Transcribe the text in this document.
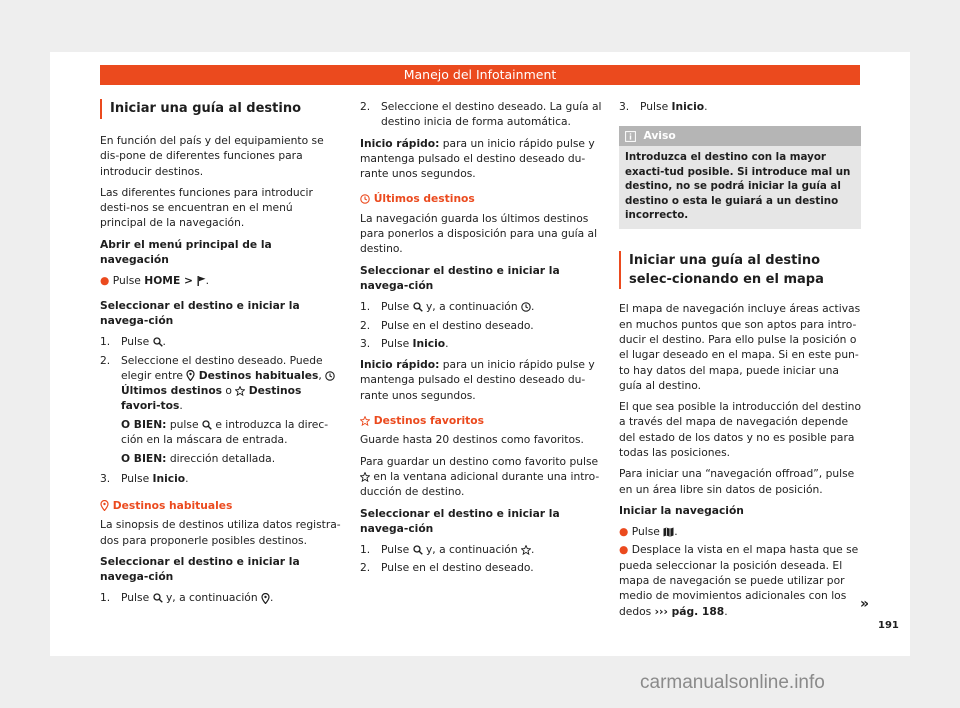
Manejo del Infotainment
Iniciar una guía al destino

En función del país y del equipamiento se dis-pone de diferentes funciones para introducir destinos.

Las diferentes funciones para introducir desti-nos se encuentran en el menú principal de la navegación.

Abrir el menú principal de la navegación

● Pulse HOME >
.

Seleccionar el destino e iniciar la navega-ción

1.	Pulse
.
2.	Seleccione el destino deseado. Puede elegir entre
Destinos habituales,
Últimos destinos o
Destinos favori-tos.

O BIEN: pulse
e introduzca la direc-ción en la máscara de entrada.

O BIEN: dirección detallada.

3.	Pulse Inicio.

Destinos habituales

La sinopsis de destinos utiliza datos registra-dos para proponerle posibles destinos.

Seleccionar el destino e iniciar la navega-ción

1.	Pulse
y, a continuación
.
2.	Seleccione el destino deseado. La guía al destino inicia de forma automática.

Inicio rápido: para un inicio rápido pulse y mantenga pulsado el destino deseado du-rante unos segundos.

Últimos destinos

La navegación guarda los últimos destinos para ponerlos a disposición para una guía al destino.

Seleccionar el destino e iniciar la navega-ción

1.	Pulse
y, a continuación
.
2.	Pulse en el destino deseado.
3.	Pulse Inicio.

Inicio rápido: para un inicio rápido pulse y mantenga pulsado el destino deseado du-rante unos segundos.

Destinos favoritos

Guarde hasta 20 destinos como favoritos.

Para guardar un destino como favorito pulse
en la ventana adicional durante una intro-ducción de destino.

Seleccionar el destino e iniciar la navega-ción

1.	Pulse
y, a continuación
.
2.	Pulse en el destino deseado.
3.	Pulse Inicio.
Aviso
Introduzca el destino con la mayor exacti-tud posible. Si introduce mal un destino, no se podrá iniciar la guía al destino o esta le guiará a un destino incorrecto.
Iniciar una guía al destino selec-cionando en el mapa

El mapa de navegación incluye áreas activas en muchos puntos que son aptos para intro-ducir el destino. Para ello pulse la posición o el lugar deseado en el mapa. Si en este pun-to hay datos del mapa, puede iniciar una guía al destino.

El que sea posible la introducción del destino a través del mapa de navegación depende del estado de los datos y no es posible para todas las posiciones.

Para iniciar una “navegación offroad”, pulse en un área libre sin datos de posición.

Iniciar la navegación

● Pulse
.

● Desplace la vista en el mapa hasta que se pueda seleccionar la posición deseada. El mapa de navegación se puede utilizar por medio de movimientos adicionales con los dedos ››› pág. 188.	»
191
carmanualsonline.info
